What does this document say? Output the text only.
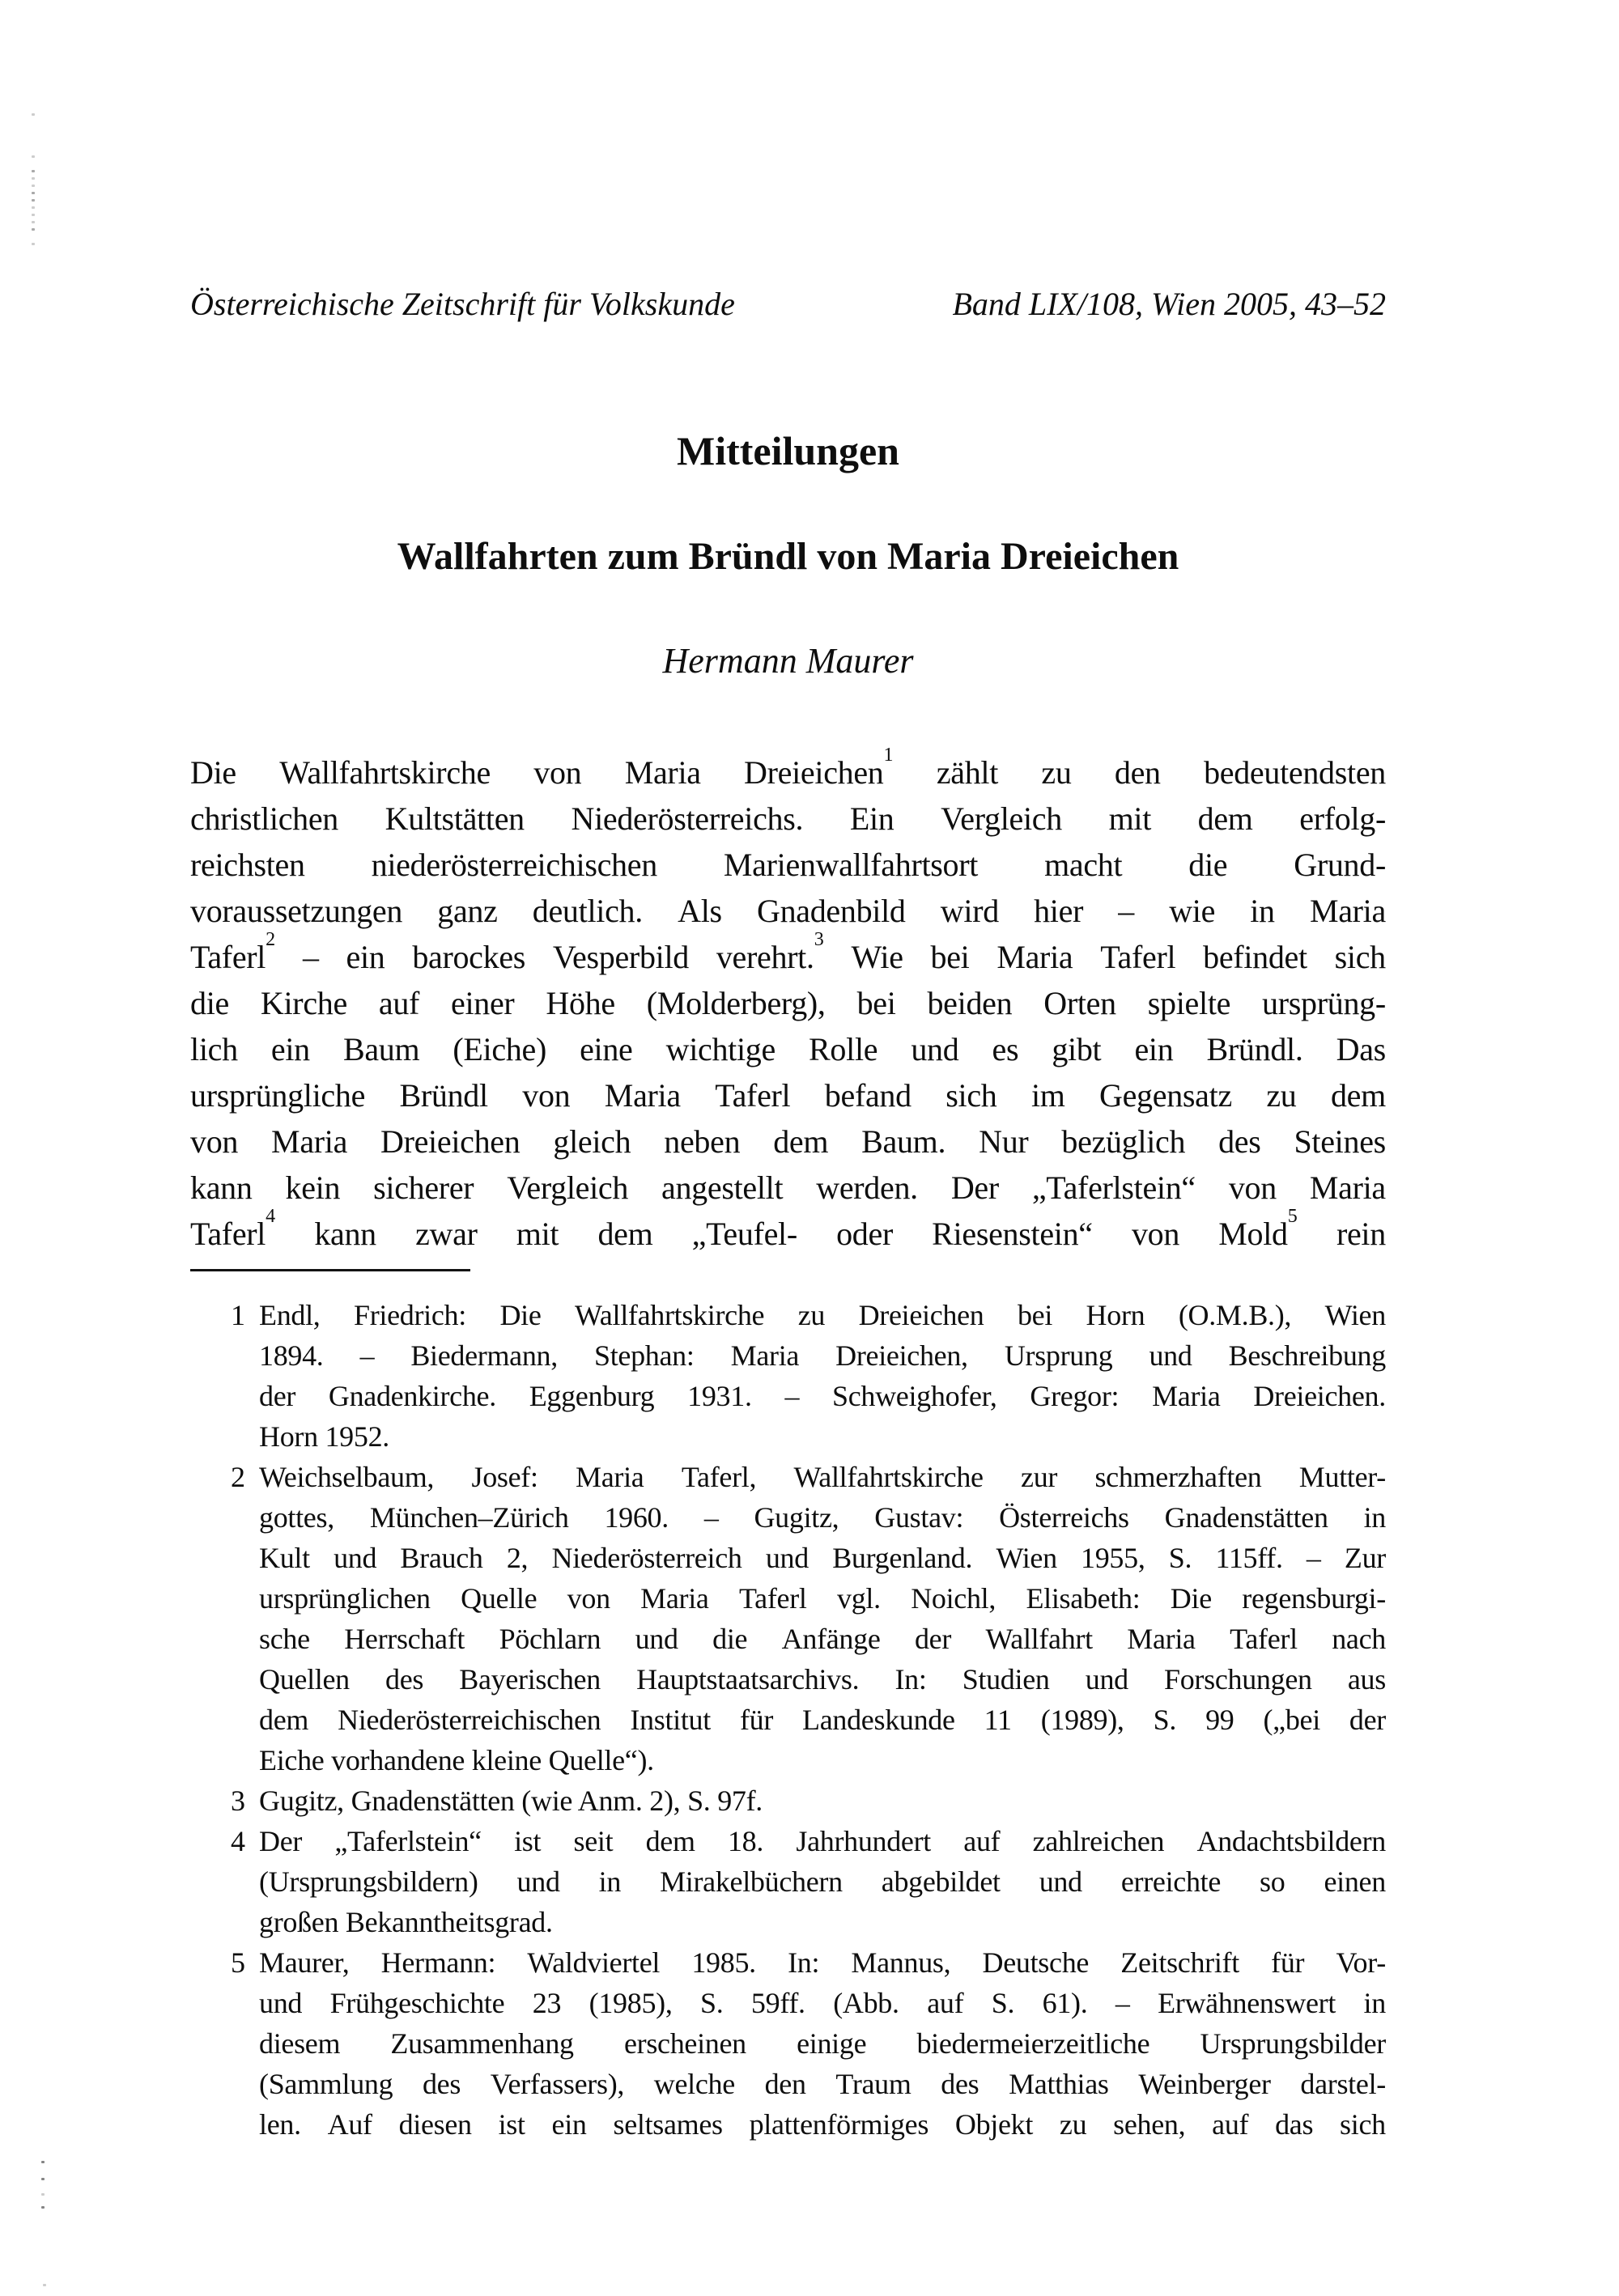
Österreichische Zeitschrift für Volkskunde	Band LIX/108, Wien 2005, 43–52
Mitteilungen
Wallfahrten zum Bründl von Maria Dreieichen
Hermann Maurer
Die Wallfahrtskirche von Maria Dreieichen$^1$ zählt zu den bedeutendsten
christlichen Kultstätten Niederösterreichs. Ein Vergleich mit dem erfolg-
reichsten niederösterreichischen Marienwallfahrtsort macht die Grund-
voraussetzungen ganz deutlich. Als Gnadenbild wird hier – wie in Maria
Taferl$^2$ – ein barockes Vesperbild verehrt.$^3$ Wie bei Maria Taferl befindet sich
die Kirche auf einer Höhe (Molderberg), bei beiden Orten spielte ursprüng-
lich ein Baum (Eiche) eine wichtige Rolle und es gibt ein Bründl. Das
ursprüngliche Bründl von Maria Taferl befand sich im Gegensatz zu dem
von Maria Dreieichen gleich neben dem Baum. Nur bezüglich des Steines
kann kein sicherer Vergleich angestellt werden. Der „Taferlstein“ von Maria
Taferl$^4$ kann zwar mit dem „Teufel- oder Riesenstein“ von Mold$^5$ rein
1 Endl, Friedrich: Die Wallfahrtskirche zu Dreieichen bei Horn (O.M.B.), Wien
1894. – Biedermann, Stephan: Maria Dreieichen, Ursprung und Beschreibung
der Gnadenkirche. Eggenburg 1931. – Schweighofer, Gregor: Maria Dreieichen.
Horn 1952.
2 Weichselbaum, Josef: Maria Taferl, Wallfahrtskirche zur schmerzhaften Mutter-
gottes, München–Zürich 1960. – Gugitz, Gustav: Österreichs Gnadenstätten in
Kult und Brauch 2, Niederösterreich und Burgenland. Wien 1955, S. 115ff. – Zur
ursprünglichen Quelle von Maria Taferl vgl. Noichl, Elisabeth: Die regensburgi-
sche Herrschaft Pöchlarn und die Anfänge der Wallfahrt Maria Taferl nach
Quellen des Bayerischen Hauptstaatsarchivs. In: Studien und Forschungen aus
dem Niederösterreichischen Institut für Landeskunde 11 (1989), S. 99 („bei der
Eiche vorhandene kleine Quelle“).
3 Gugitz, Gnadenstätten (wie Anm. 2), S. 97f.
4 Der „Taferlstein“ ist seit dem 18. Jahrhundert auf zahlreichen Andachtsbildern
(Ursprungsbildern) und in Mirakelbüchern abgebildet und erreichte so einen
großen Bekanntheitsgrad.
5 Maurer, Hermann: Waldviertel 1985. In: Mannus, Deutsche Zeitschrift für Vor-
und Frühgeschichte 23 (1985), S. 59ff. (Abb. auf S. 61). – Erwähnenswert in
diesem Zusammenhang erscheinen einige biedermeierzeitliche Ursprungsbilder
(Sammlung des Verfassers), welche den Traum des Matthias Weinberger darstel-
len. Auf diesen ist ein seltsames plattenförmiges Objekt zu sehen, auf das sich
